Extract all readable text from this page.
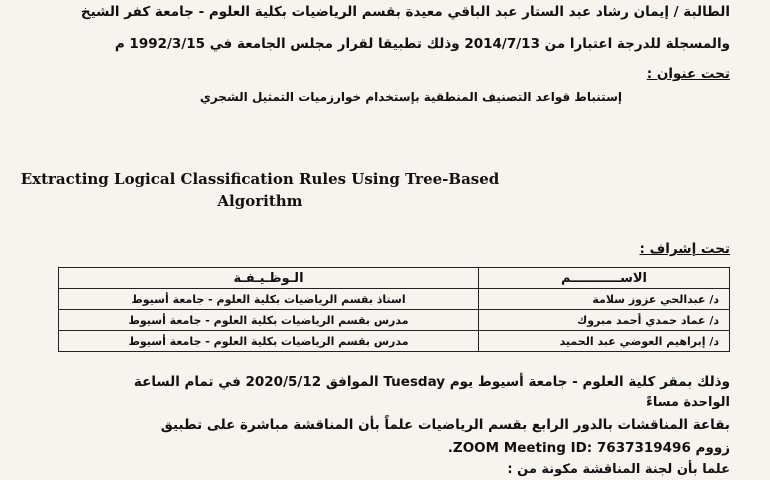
الطالبة / إيمان رشاد عبد الستار عبد الباقي معيدة بقسم الرياضيات بكلية العلوم - جامعة كفر الشيخ
والمسجلة للدرجة اعتبارا من 2014/7/13 وذلك تطبيقا لقرار مجلس الجامعة في 1992/3/15 م
تحت عنوان :
إستنباط قواعد التصنيف المنطقية بإستخدام خوارزميات التمثيل الشجري
Extracting Logical Classification Rules Using Tree-Based
Algorithm
تحت إشراف :
الاســـــــــــم	الـوظـيـفـة
د/ عبدالحي عزوز سلامة	استاذ بقسم الرياضيات بكلية العلوم - جامعة أسيوط
د/ عماد حمدي أحمد مبروك	مدرس بقسم الرياضيات بكلية العلوم - جامعة أسيوط
د/ إبراهيم العوضي عبد الحميد	مدرس بقسم الرياضيات بكلية العلوم - جامعة أسيوط
وذلك بمقر كلية العلوم - جامعة أسيوط يوم Tuesday الموافق 2020/5/12 في تمام الساعة
الواحدة مساءً
بقاعة المناقشات بالدور الرابع بقسم الرياضيات علماً بأن المناقشة مباشرة على تطبيق
زووم ZOOM Meeting ID: 7637319496.
علما بأن لجنة المناقشة مكونة من :
